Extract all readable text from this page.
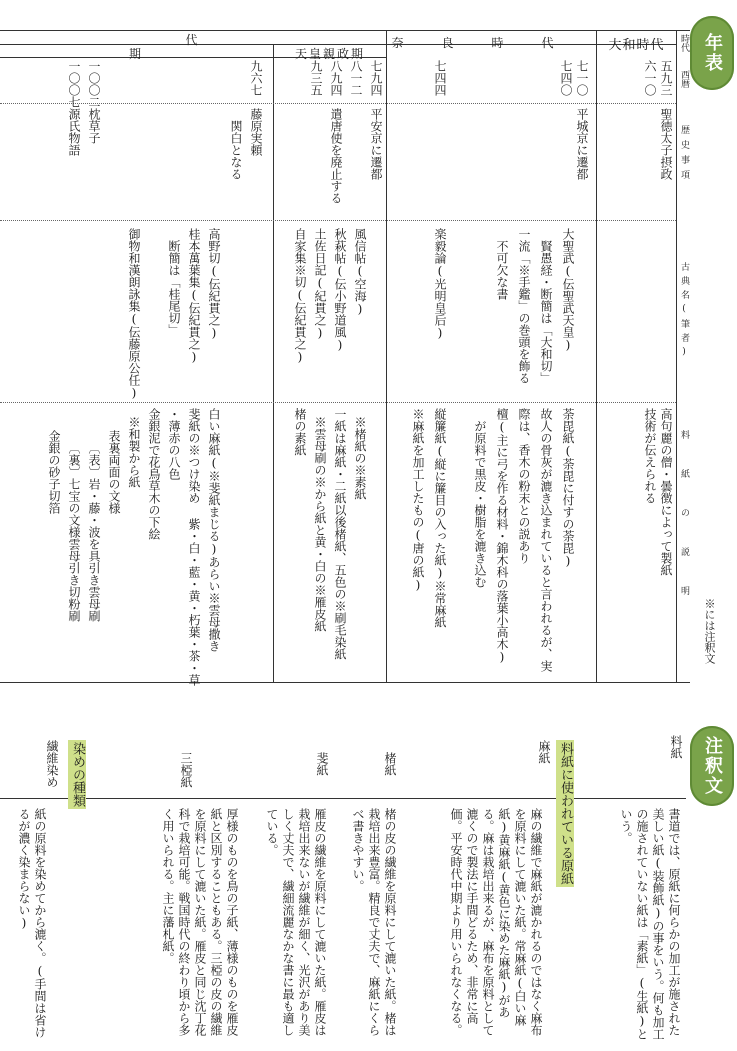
年表
注釈文
※には注釈文
時代
西暦
歴史事項
古典名(筆者)
料紙の説明
大和時代
奈良時代
代
天皇親政期
期
五九三
六一〇
聖徳太子摂政
高句麗の僧・曇徴によって製紙
技術が伝えられる
七一〇
七四〇
平城京に遷都
大聖武(伝聖武天皇)
賢愚経・断簡は「大和切」
一流「※手鑑」の巻頭を飾る
不可欠な書
荼毘紙(荼毘に付すの荼毘)
故人の骨灰が漉き込まれていると言われるが、実
際は、香木の粉末との説あり
檀(主に弓を作る材料・錦木科の落葉小高木)
が原料で黒皮・樹脂を漉き込む
七四四
楽毅論(光明皇后)
縦簾紙(縦に簾目の入った紙)※常麻紙
※麻紙を加工したもの(唐の紙)
七九四
八一二
八九四
九三五
平安京に遷都
遣唐使を廃止する
風信帖(空海)
秋萩帖(伝小野道風)
土佐日記(紀貫之)
自家集※切(伝紀貫之)
※楮紙の※素紙
一紙は麻紙・二紙以後楮紙、五色の※刷毛染紙
※雲母刷の※から紙と黄・白の※雁皮紙
楮の素紙
九六七
藤原実頼
関白となる
高野切(伝紀貫之)
桂本萬葉集(伝紀貫之)
断簡は「桂尾切」
御物和漢朗詠集(伝藤原公任)
白い麻紙(※斐紙まじる)あらい※雲母撒き
斐紙の※つけ染め 紫・白・藍・黄・朽葉・茶・草
・薄赤の八色
金銀泥で花鳥草木の下絵
※和製から紙
表裏両面の文様
〔表〕岩・藤・波を具引き雲母刷
〔裏〕七宝の文様雲母引き切粉刷
金銀の砂子切箔
一〇〇二
一〇〇七
枕草子
源氏物語
料紙
書道では、原紙に何らかの加工が施された美しい紙(装飾紙)の事をいう。何も加工の施されていない紙は「素紙」(生紙)という。
料紙に使われている原紙
麻紙
麻の繊維で麻紙が漉かれるのではなく麻布を原料にして漉いた紙。常麻紙(白い麻紙)黄麻紙(黄色に染めた麻紙)がある。麻は栽培出来るが、麻布を原料として漉くので製法に手間どるため、非常に高価。平安時代中期より用いられなくなる。
楮紙
楮の皮の繊維を原料にして漉いた紙。楮は栽培出来豊富。精良で丈夫で、麻紙にくらべ書きやすい。
斐紙
雁皮の繊維を原料にして漉いた紙。雁皮は栽培出来ないが繊維が細く、光沢があり美しく丈夫で、繊細流麗なかな書に最も適している。
三椏紙
厚様のものを鳥の子紙、薄様のものを雁皮紙と区別することもある。三椏の皮の繊維を原料にして漉いた紙。雁皮と同じ沈丁花科で栽培可能。戦国時代の終わり頃から多く用いられる。主に藩札紙。
染めの種類
繊維染め
紙の原料を染めてから漉く。(手間は省けるが濃く染まらない)
